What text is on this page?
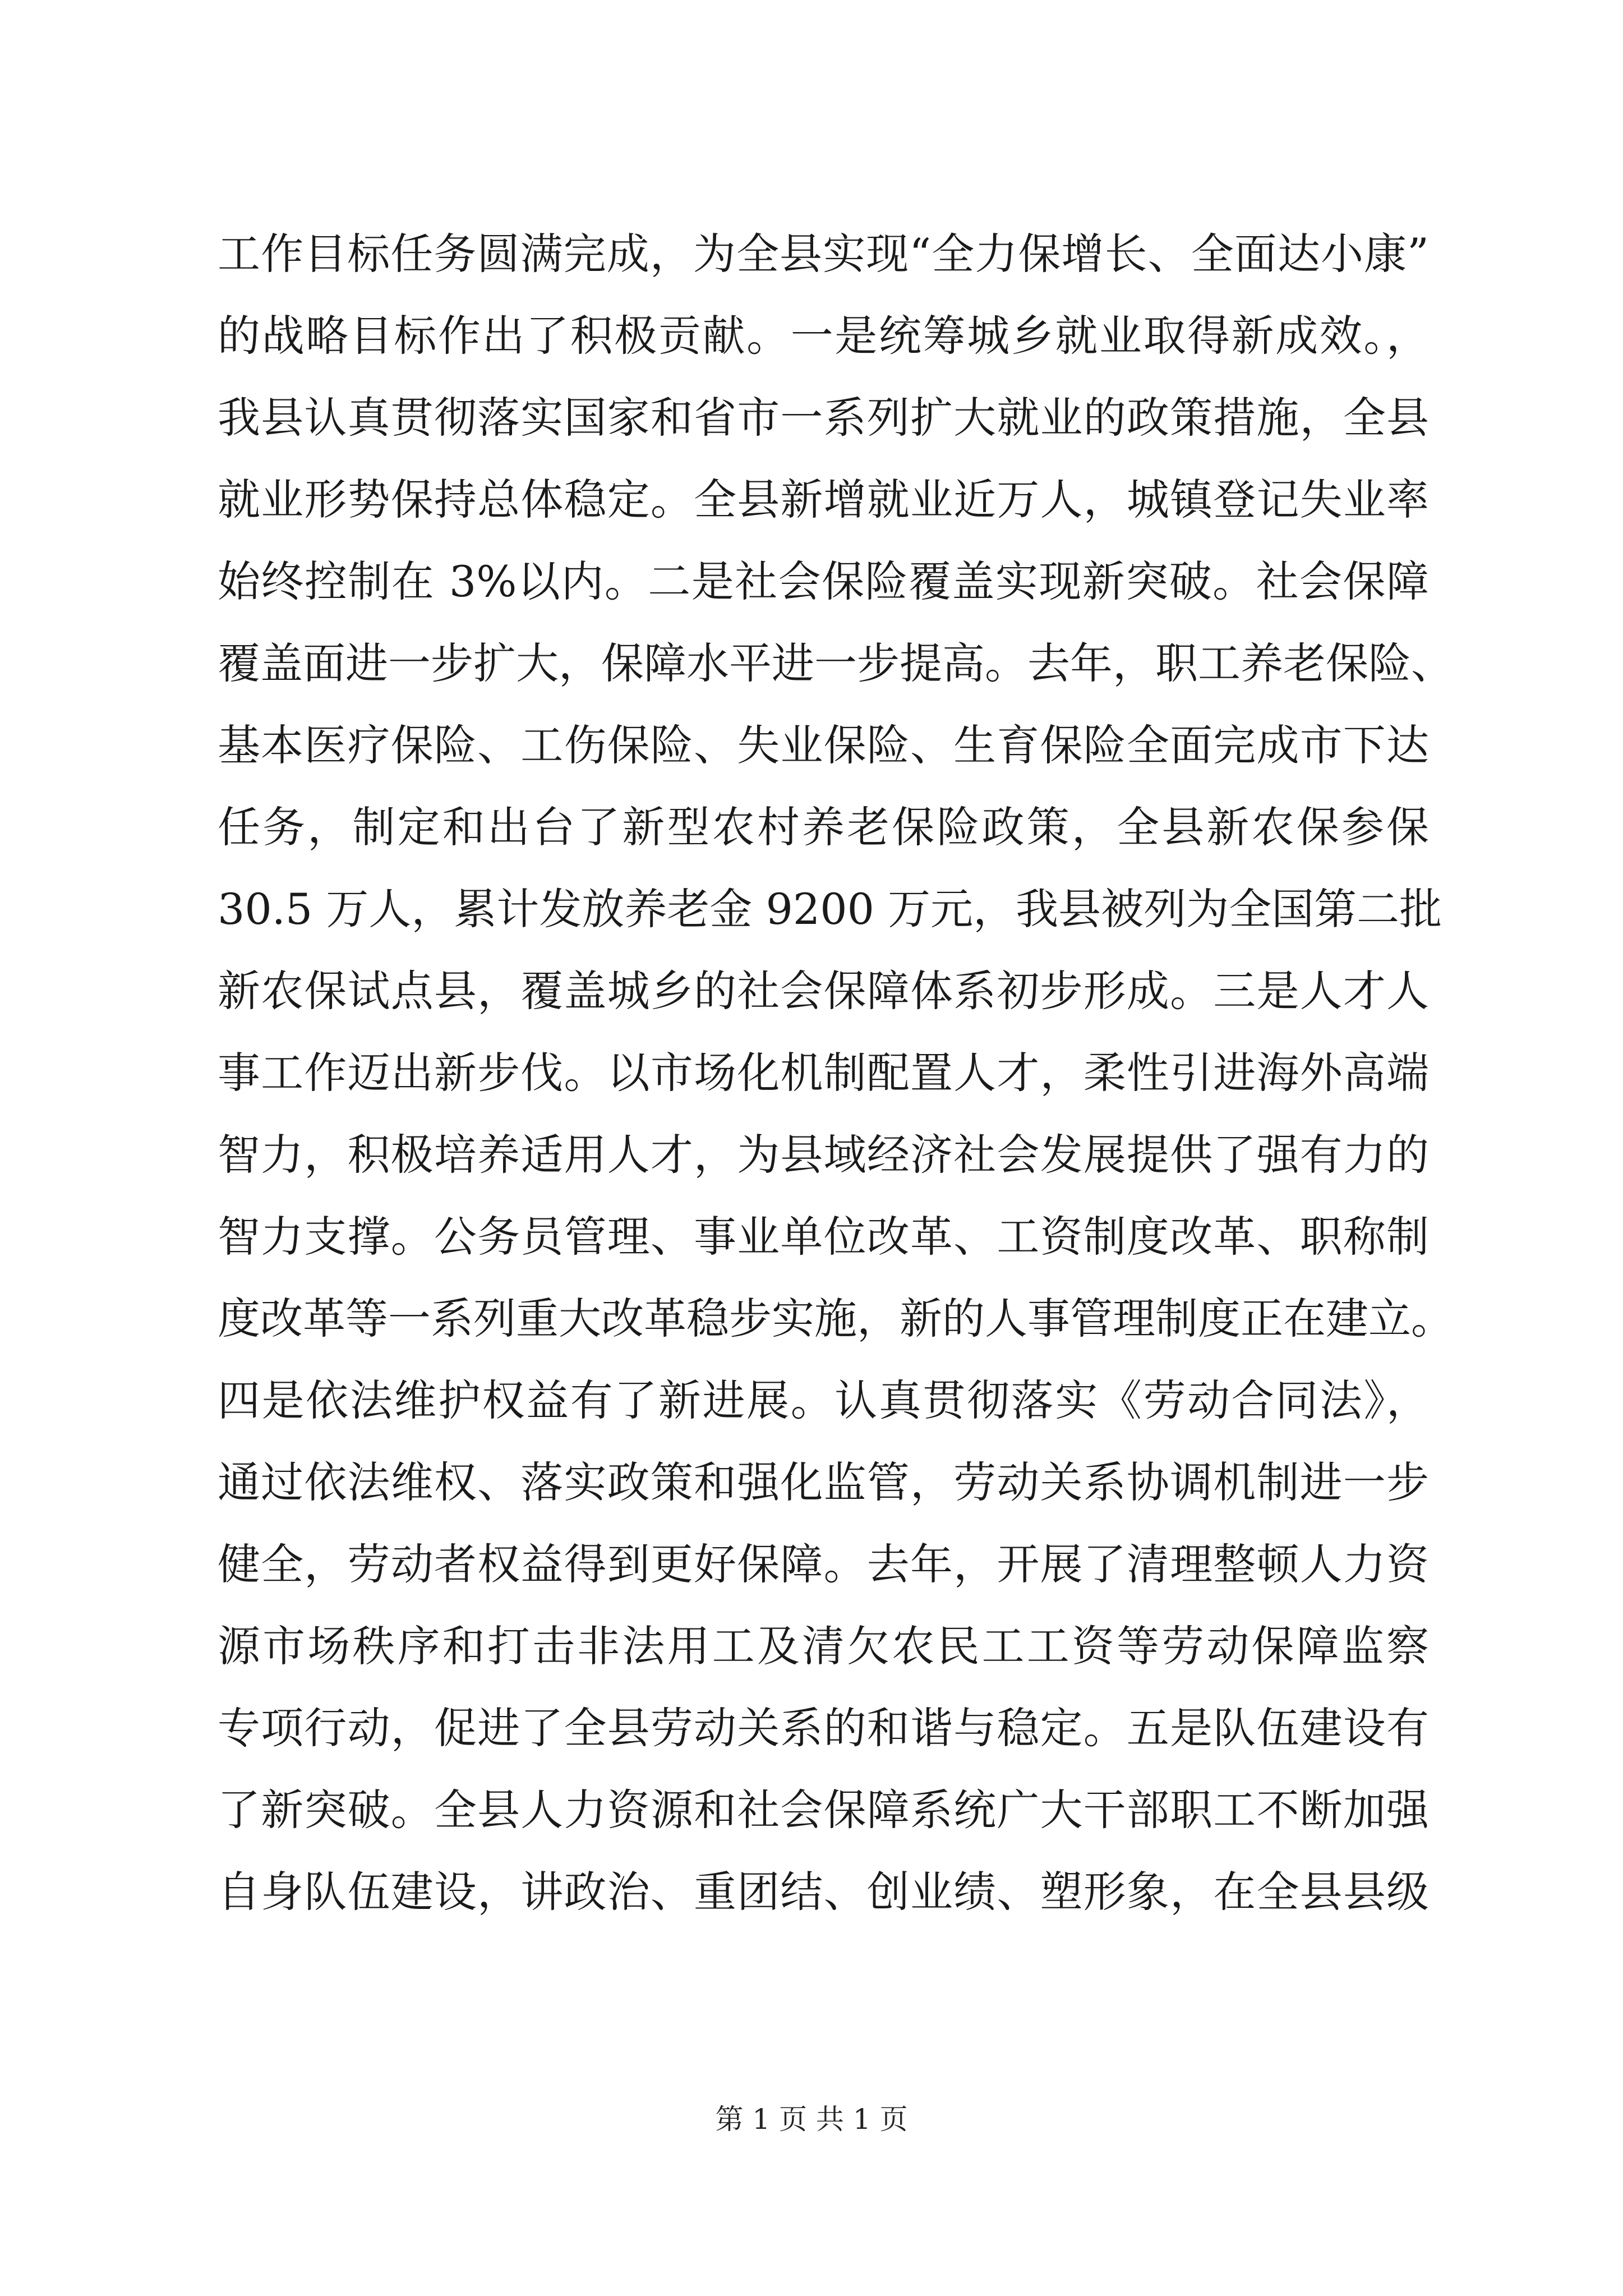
工作目标任务圆满完成，为全县实现“全力保增长、全面达小康”
的战略目标作出了积极贡献。一是统筹城乡就业取得新成效。，
我县认真贯彻落实国家和省市一系列扩大就业的政策措施，全县
就业形势保持总体稳定。全县新增就业近万人，城镇登记失业率
始终控制在 3%以内。二是社会保险覆盖实现新突破。社会保障
覆盖面进一步扩大，保障水平进一步提高。去年，职工养老保险、
基本医疗保险、工伤保险、失业保险、生育保险全面完成市下达
任务，制定和出台了新型农村养老保险政策，全县新农保参保
30.5 万人，累计发放养老金 9200 万元，我县被列为全国第二批
新农保试点县，覆盖城乡的社会保障体系初步形成。三是人才人
事工作迈出新步伐。以市场化机制配置人才，柔性引进海外高端
智力，积极培养适用人才，为县域经济社会发展提供了强有力的
智力支撑。公务员管理、事业单位改革、工资制度改革、职称制
度改革等一系列重大改革稳步实施，新的人事管理制度正在建立。
四是依法维护权益有了新进展。认真贯彻落实《劳动合同法》，
通过依法维权、落实政策和强化监管，劳动关系协调机制进一步
健全，劳动者权益得到更好保障。去年，开展了清理整顿人力资
源市场秩序和打击非法用工及清欠农民工工资等劳动保障监察
专项行动，促进了全县劳动关系的和谐与稳定。五是队伍建设有
了新突破。全县人力资源和社会保障系统广大干部职工不断加强
自身队伍建设，讲政治、重团结、创业绩、塑形象，在全县县级
第 1 页 共 1 页
